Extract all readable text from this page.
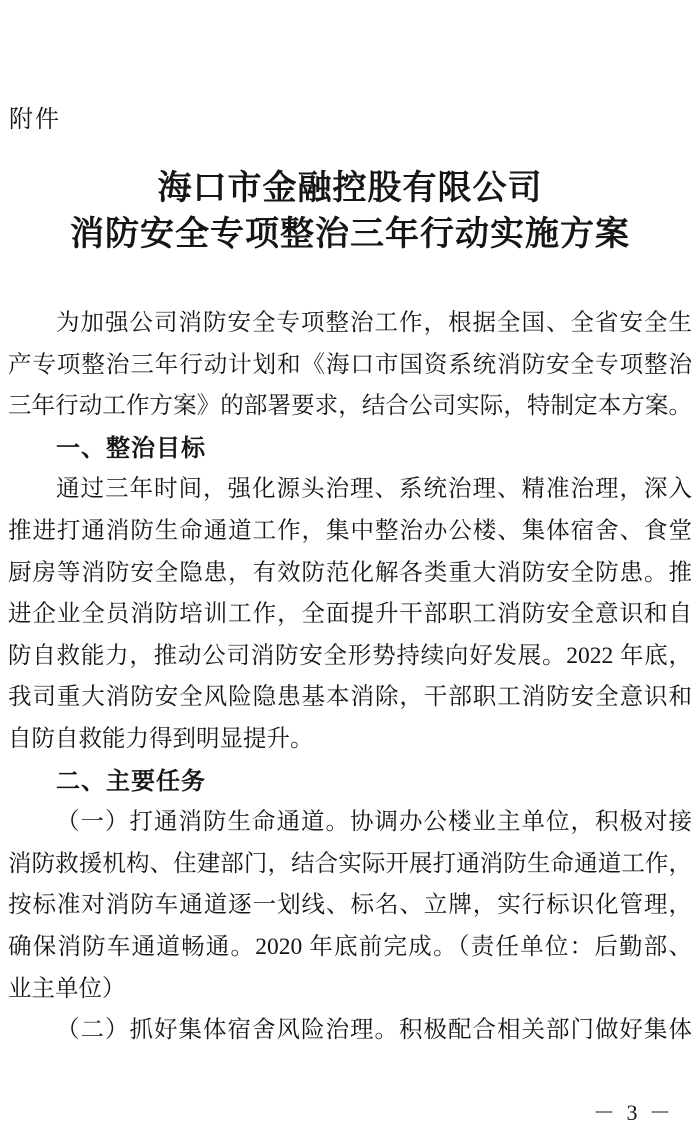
附件
海口市金融控股有限公司
消防安全专项整治三年行动实施方案
为加强公司消防安全专项整治工作，根据全国、全省安全生
产专项整治三年行动计划和《海口市国资系统消防安全专项整治
三年行动工作方案》的部署要求，结合公司实际，特制定本方案。
一、整治目标
通过三年时间，强化源头治理、系统治理、精准治理，深入
推进打通消防生命通道工作，集中整治办公楼、集体宿舍、食堂
厨房等消防安全隐患，有效防范化解各类重大消防安全防患。推
进企业全员消防培训工作，全面提升干部职工消防安全意识和自
防自救能力，推动公司消防安全形势持续向好发展。2022 年底，
我司重大消防安全风险隐患基本消除，干部职工消防安全意识和
自防自救能力得到明显提升。
二、主要任务
（一）打通消防生命通道。协调办公楼业主单位，积极对接
消防救援机构、住建部门，结合实际开展打通消防生命通道工作，
按标准对消防车通道逐一划线、标名、立牌，实行标识化管理，
确保消防车通道畅通。2020 年底前完成。（责任单位：后勤部、
业主单位）
（二）抓好集体宿舍风险治理。积极配合相关部门做好集体
－ 3 －
